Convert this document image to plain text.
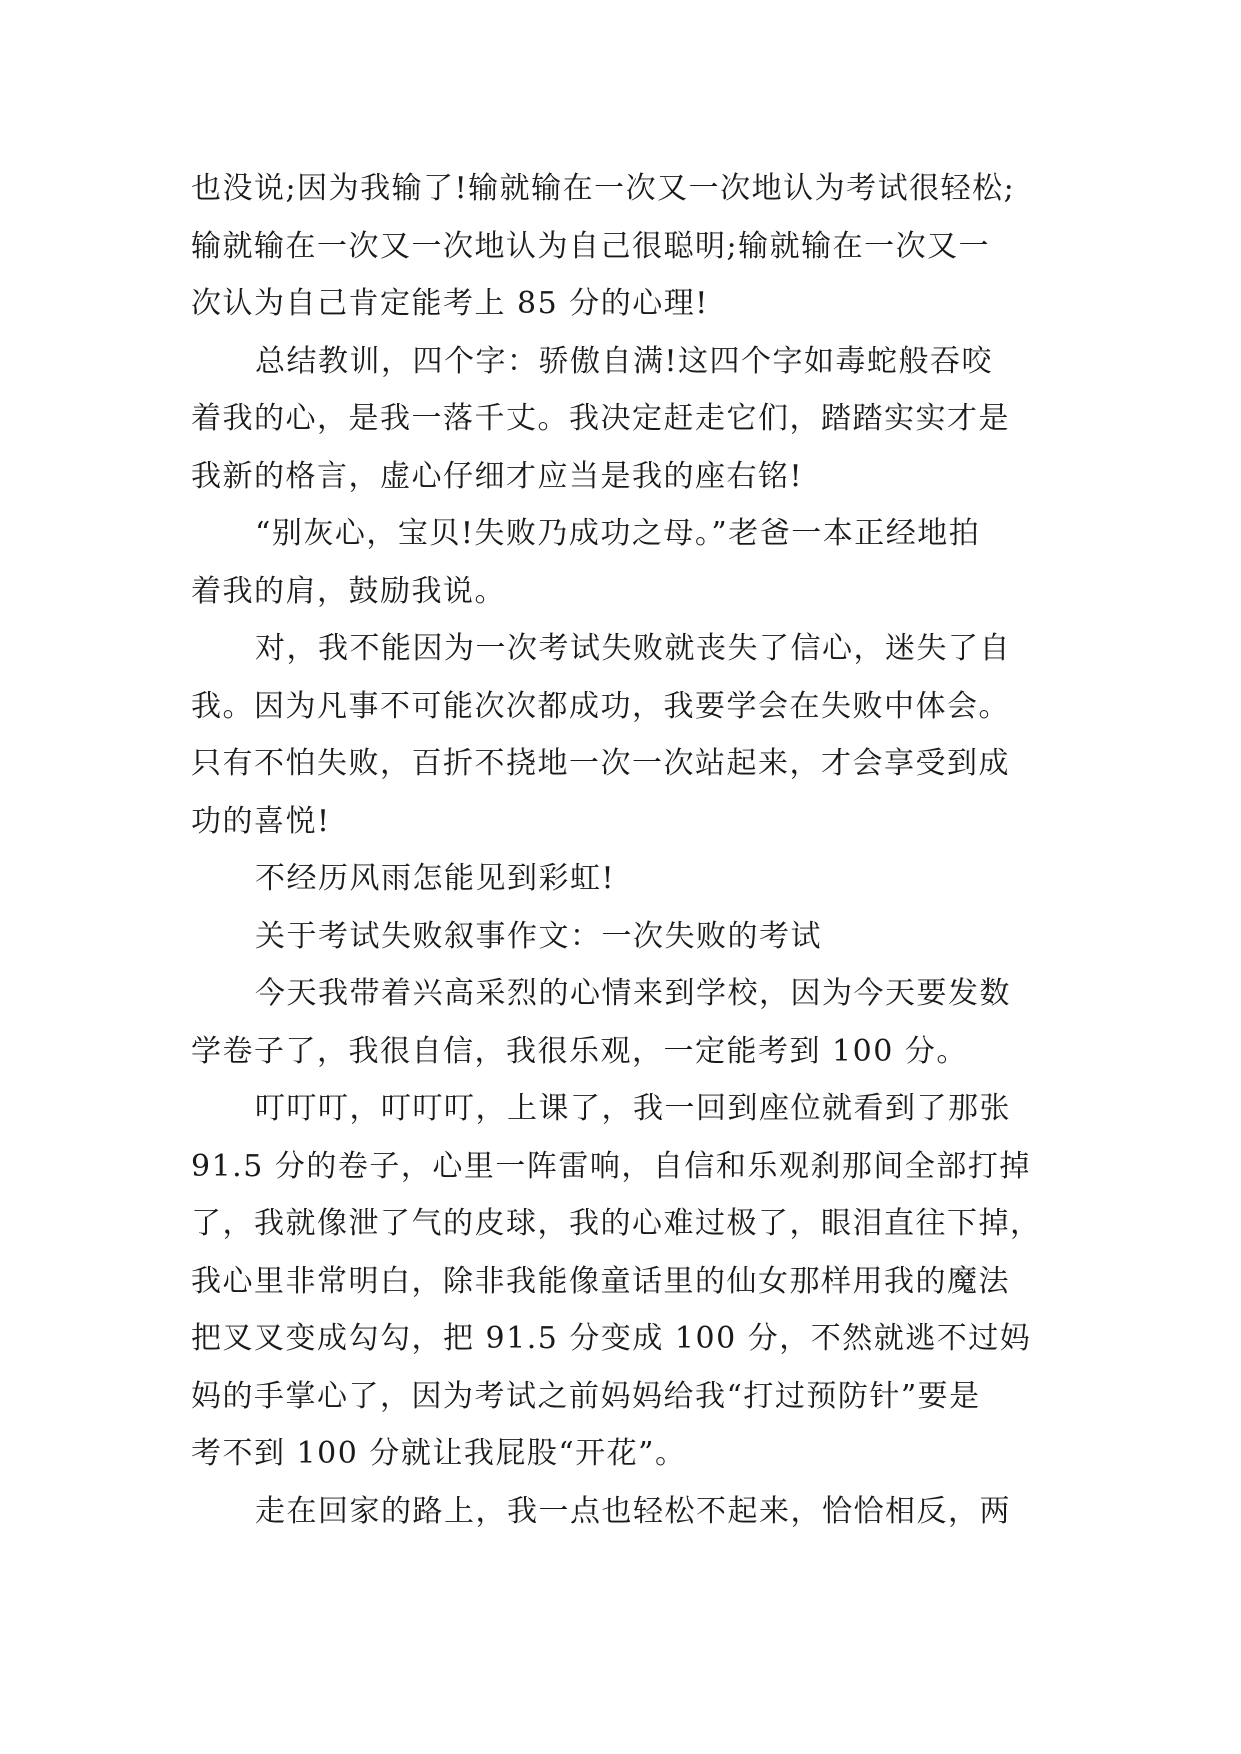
也没说;因为我输了!输就输在一次又一次地认为考试很轻松;
输就输在一次又一次地认为自己很聪明;输就输在一次又一
次认为自己肯定能考上 85 分的心理!
总结教训，四个字：骄傲自满!这四个字如毒蛇般吞咬
着我的心，是我一落千丈。我决定赶走它们，踏踏实实才是
我新的格言，虚心仔细才应当是我的座右铭!
“别灰心，宝贝!失败乃成功之母。”老爸一本正经地拍
着我的肩，鼓励我说。
对，我不能因为一次考试失败就丧失了信心，迷失了自
我。因为凡事不可能次次都成功，我要学会在失败中体会。
只有不怕失败，百折不挠地一次一次站起来，才会享受到成
功的喜悦!
不经历风雨怎能见到彩虹!
关于考试失败叙事作文：一次失败的考试
今天我带着兴高采烈的心情来到学校，因为今天要发数
学卷子了，我很自信，我很乐观，一定能考到 100 分。
叮叮叮，叮叮叮，上课了，我一回到座位就看到了那张
91.5 分的卷子，心里一阵雷响，自信和乐观刹那间全部打掉
了，我就像泄了气的皮球，我的心难过极了，眼泪直往下掉，
我心里非常明白，除非我能像童话里的仙女那样用我的魔法
把叉叉变成勾勾，把 91.5 分变成 100 分，不然就逃不过妈
妈的手掌心了，因为考试之前妈妈给我“打过预防针”要是
考不到 100 分就让我屁股“开花”。
走在回家的路上，我一点也轻松不起来，恰恰相反，两
